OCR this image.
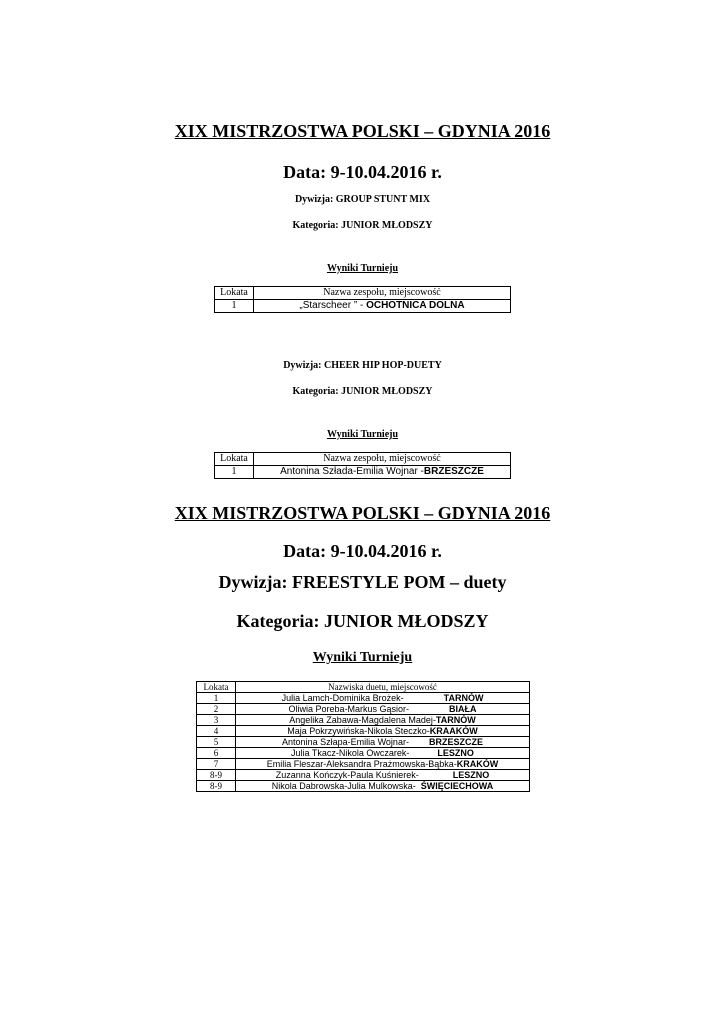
XIX MISTRZOSTWA POLSKI – GDYNIA 2016
Data: 9-10.04.2016 r.
Dywizja: GROUP STUNT MIX
Kategoria: JUNIOR MŁODSZY
Wyniki Turnieju
Lokata	Nazwa zespołu, miejscowość
1	„Starscheer ” - OCHOTNICA DOLNA
Dywizja: CHEER HIP HOP-DUETY
Kategoria: JUNIOR MŁODSZY
Wyniki Turnieju
Lokata	Nazwa zespołu, miejscowość
1	Antonina Szłada-Emilia Wojnar -BRZESZCZE
XIX MISTRZOSTWA POLSKI – GDYNIA 2016
Data: 9-10.04.2016 r.
Dywizja: FREESTYLE POM – duety
Kategoria: JUNIOR MŁODSZY
Wyniki Turnieju
Lokata	Nazwiska duetu, miejscowość
1	Julia Lamch-Dominika Brożek- TARNÓW
2	Oliwia Poreba-Markus Gąsior- BIAŁA
3	Angelika Zabawa-Magdalena Madej-TARNÓW
4	Maja Pokrzywińska-Nikola Steczko-KRAAKÓW
5	Antonina Szłapa-Emilia Wojnar- BRZESZCZE
6	Julia Tkacz-Nikola Owczarek- LESZNO
7	Emilia Fleszar-Aleksandra Prażmowska-Bąbka-KRAKÓW
8-9	Zuzanna Kończyk-Paula Kuśnierek- LESZNO
8-9	Nikola Dabrowska-Julia Mulkowska- ŚWIĘCIECHOWA
